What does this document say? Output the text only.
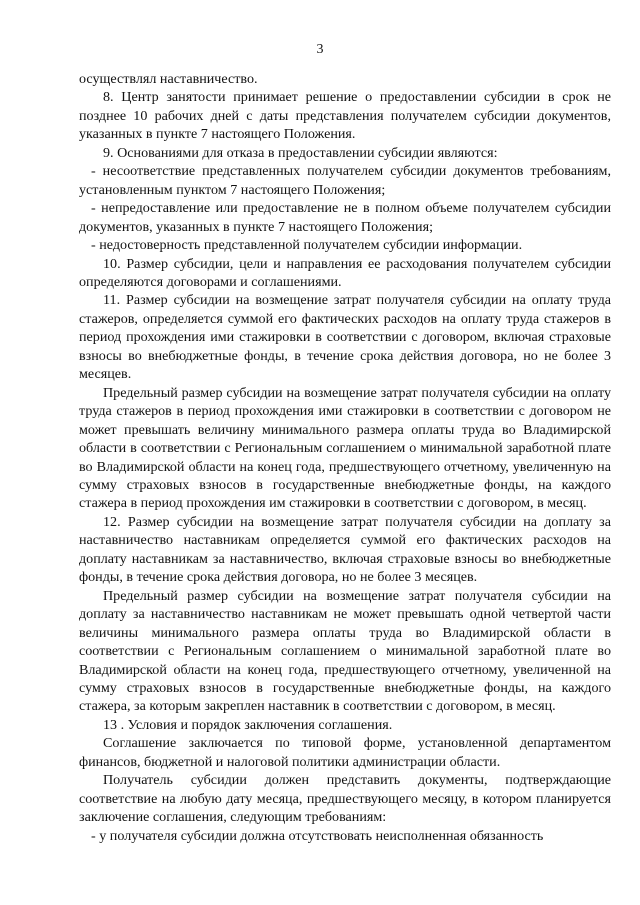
3

осуществлял наставничество.

8. Центр занятости принимает решение о предоставлении субсидии в срок не позднее 10 рабочих дней с даты представления получателем субсидии документов, указанных в пункте 7 настоящего Положения.

9. Основаниями для отказа в предоставлении субсидии являются:

- несоответствие представленных получателем субсидии документов требованиям, установленным пунктом 7 настоящего Положения;

- непредоставление или предоставление не в полном объеме получателем субсидии документов, указанных в пункте 7 настоящего Положения;

- недостоверность представленной получателем субсидии информации.

10. Размер субсидии, цели и направления ее расходования получателем субсидии определяются договорами и соглашениями.

11. Размер субсидии на возмещение затрат получателя субсидии на оплату труда стажеров, определяется суммой его фактических расходов на оплату труда стажеров в период прохождения ими стажировки в соответствии с договором, включая страховые взносы во внебюджетные фонды, в течение срока действия договора, но не более 3 месяцев.

Предельный размер субсидии на возмещение затрат получателя субсидии на оплату труда стажеров в период прохождения ими стажировки в соответствии с договором не может превышать величину минимального размера оплаты труда во Владимирской области в соответствии с Региональным соглашением о минимальной заработной плате во Владимирской области на конец года, предшествующего отчетному, увеличенную на сумму страховых взносов в государственные внебюджетные фонды, на каждого стажера в период прохождения им стажировки в соответствии с договором, в месяц.

12. Размер субсидии на возмещение затрат получателя субсидии на доплату за наставничество наставникам определяется суммой его фактических расходов на доплату наставникам за наставничество, включая страховые взносы во внебюджетные фонды, в течение срока действия договора, но не более 3 месяцев.

Предельный размер субсидии на возмещение затрат получателя субсидии на доплату за наставничество наставникам не может превышать одной четвертой части величины минимального размера оплаты труда во Владимирской области в соответствии с Региональным соглашением о минимальной заработной плате во Владимирской области на конец года, предшествующего отчетному, увеличенной на сумму страховых взносов в государственные внебюджетные фонды, на каждого стажера, за которым закреплен наставник в соответствии с договором, в месяц.

13 . Условия и порядок заключения соглашения.

Соглашение заключается по типовой форме, установленной департаментом финансов, бюджетной и налоговой политики администрации области.

Получатель субсидии должен представить документы, подтверждающие соответствие на любую дату месяца, предшествующего месяцу, в котором планируется заключение соглашения, следующим требованиям:

- у получателя субсидии должна отсутствовать неисполненная обязанность
